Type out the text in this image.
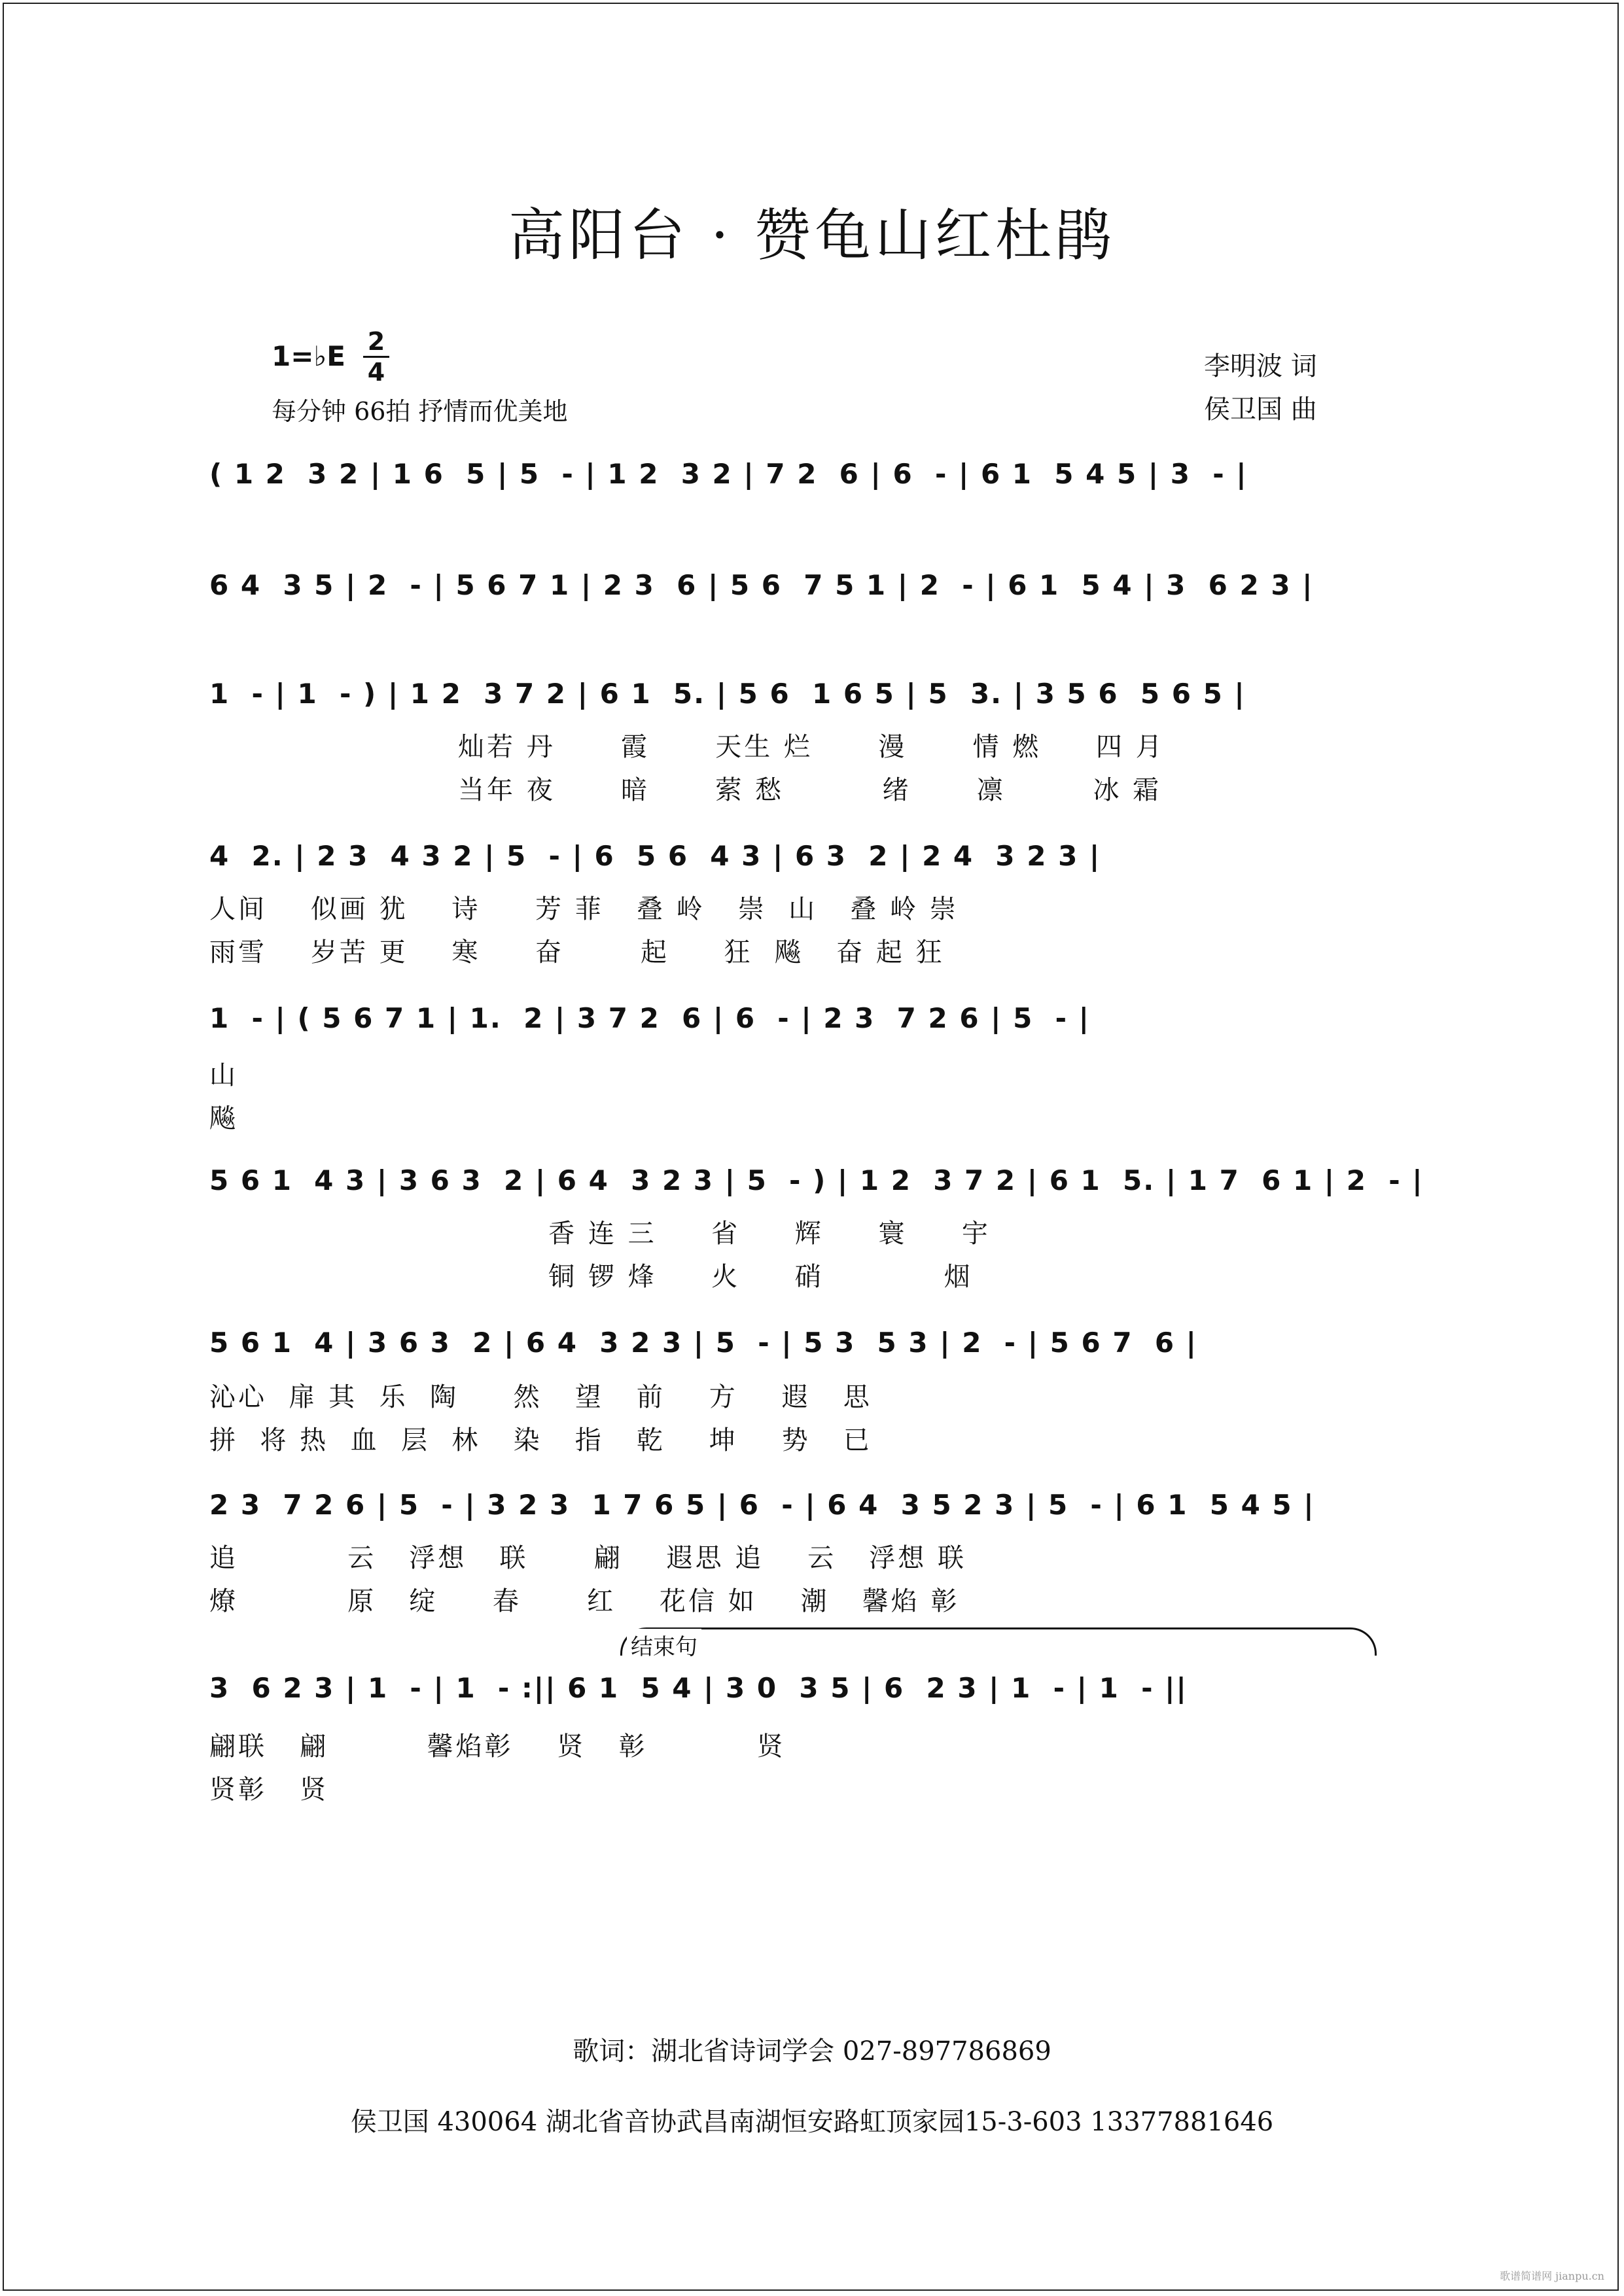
高阳台 · 赞龟山红杜鹃
1=♭E 2
4
每分钟 66拍 抒情而优美地
李明波 词
侯卫国 曲
( 1 2  3 2 | 1 6  5 | 5  - | 1 2  3 2 | 7 2  6 | 6  - | 6 1  5 4 5 | 3  - |
6 4  3 5 | 2  - | 5 6 7 1 | 2 3  6 | 5 6  7 5 1 | 2  - | 6 1  5 4 | 3  6 2 3 |
1  - | 1  - ) | 1 2  3 7 2 | 6 1  5. | 5 6  1 6 5 | 5  3. | 3 5 6  5 6 5 |
灿若 丹      霞      天生 烂      漫      情 燃     四 月
当年 夜      暗      萦 愁         绪      凛        冰 霜
4  2. | 2 3  4 3 2 | 5  - | 6  5 6  4 3 | 6 3  2 | 2 4  3 2 3 |
人间    似画 犹    诗     芳 菲   叠 岭   崇  山   叠 岭 崇
雨雪    岁苦 更    寒     奋       起     狂  飚   奋 起 狂
1  - | ( 5 6 7 1 | 1.  2 | 3 7 2  6 | 6  - | 2 3  7 2 6 | 5  - |
山
飚
5 6 1  4 3 | 3 6 3  2 | 6 4  3 2 3 | 5  - ) | 1 2  3 7 2 | 6 1  5. | 1 7  6 1 | 2  - |
香 连 三     省     辉     寰     宇
铜 锣 烽     火     硝           烟
5 6 1  4 | 3 6 3  2 | 6 4  3 2 3 | 5  - | 5 3  5 3 | 2  - | 5 6 7  6 |
沁心  扉 其  乐  陶     然   望   前    方    遐   思
拼  将 热  血  层  林   染   指   乾    坤    势   已
2 3  7 2 6 | 5  - | 3 2 3  1 7 6 5 | 6  - | 6 4  3 5 2 3 | 5  - | 6 1  5 4 5 |
追          云   浮想   联      翩    遐思 追    云   浮想 联
燎          原   绽     春      红    花信 如    潮   馨焰 彰
结束句
3  6 2 3 | 1  - | 1  - :|| 6 1  5 4 | 3 0  3 5 | 6  2 3 | 1  - | 1  - ||
翩联   翩         馨焰彰    贤   彰          贤
贤彰   贤
歌词：湖北省诗词学会 027-897786869
侯卫国 430064 湖北省音协武昌南湖恒安路虹顶家园15-3-603 13377881646
歌谱简谱网 jianpu.cn
